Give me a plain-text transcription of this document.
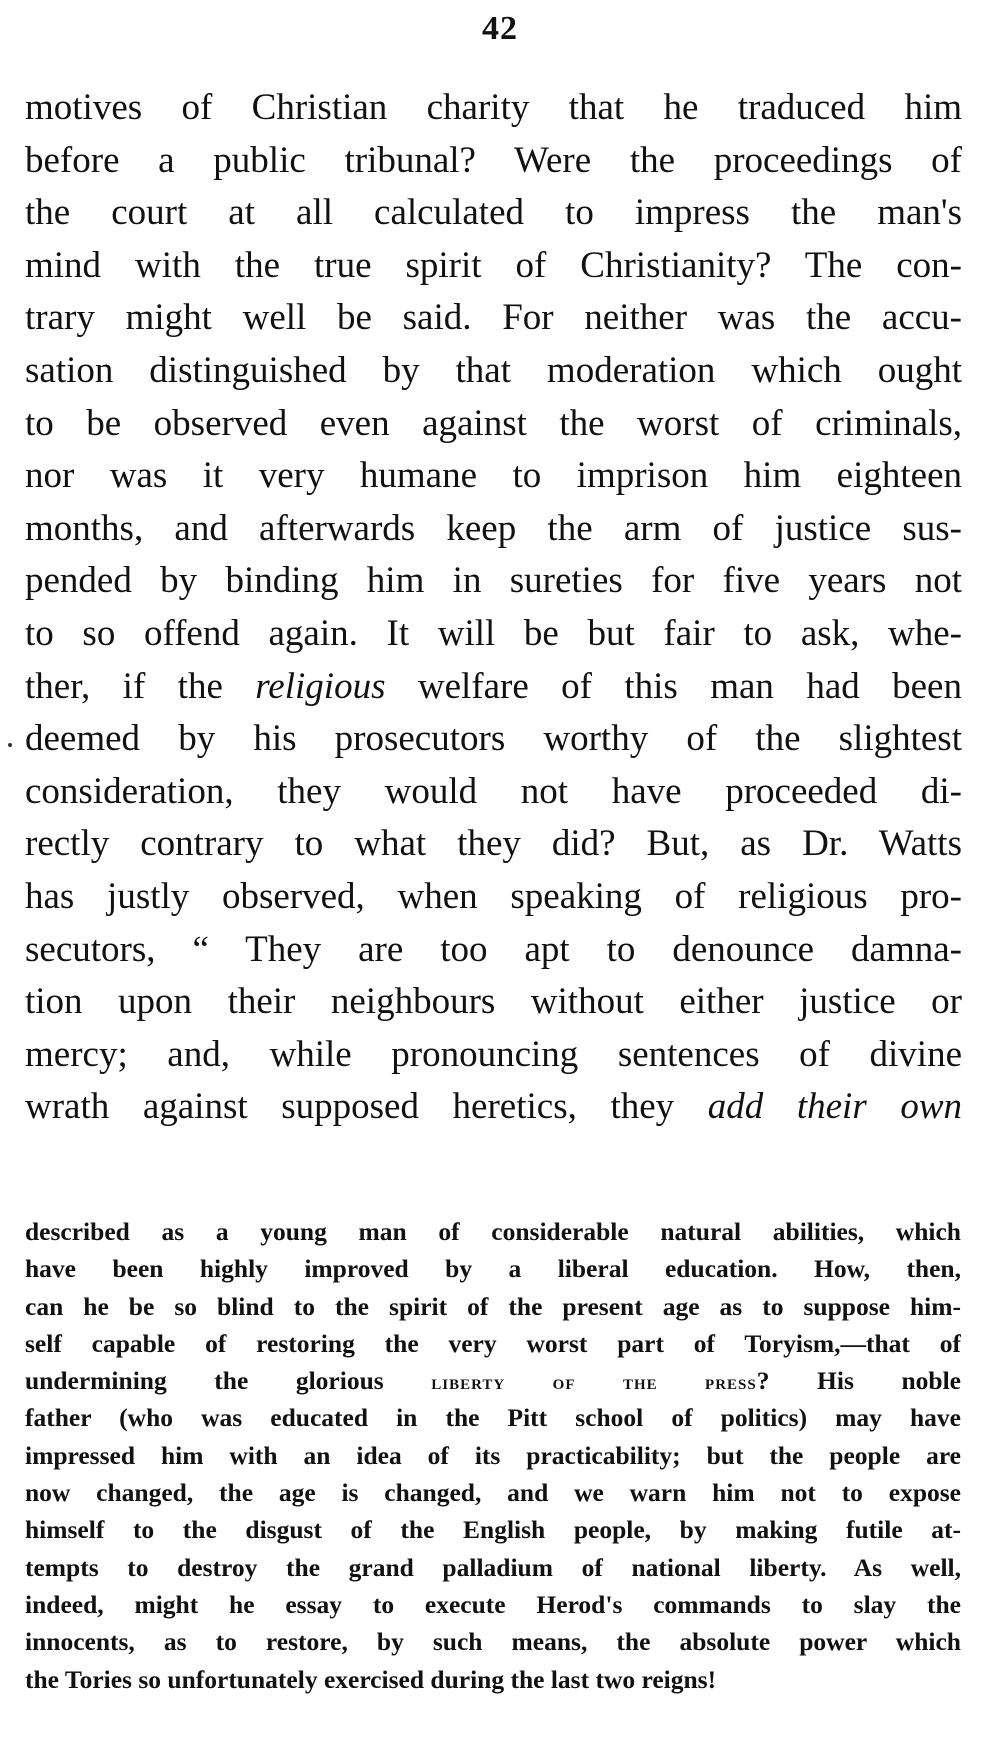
42
motives of Christian charity that he traduced him
before a public tribunal? Were the proceedings of
the court at all calculated to impress the man's
mind with the true spirit of Christianity? The con-
trary might well be said. For neither was the accu-
sation distinguished by that moderation which ought
to be observed even against the worst of criminals,
nor was it very humane to imprison him eighteen
months, and afterwards keep the arm of justice sus-
pended by binding him in sureties for five years not
to so offend again. It will be but fair to ask, whe-
ther, if the religious welfare of this man had been
deemed by his prosecutors worthy of the slightest
consideration, they would not have proceeded di-
rectly contrary to what they did? But, as Dr. Watts
has justly observed, when speaking of religious pro-
secutors, “ They are too apt to denounce damna-
tion upon their neighbours without either justice or
mercy; and, while pronouncing sentences of divine
wrath against supposed heretics, they add their own
described as a young man of considerable natural abilities, which
have been highly improved by a liberal education. How, then,
can he be so blind to the spirit of the present age as to suppose him-
self capable of restoring the very worst part of Toryism,—that of
undermining the glorious liberty of the press? His noble
father (who was educated in the Pitt school of politics) may have
impressed him with an idea of its practicability; but the people are
now changed, the age is changed, and we warn him not to expose
himself to the disgust of the English people, by making futile at-
tempts to destroy the grand palladium of national liberty. As well,
indeed, might he essay to execute Herod's commands to slay the
innocents, as to restore, by such means, the absolute power which
the Tories so unfortunately exercised during the last two reigns!
